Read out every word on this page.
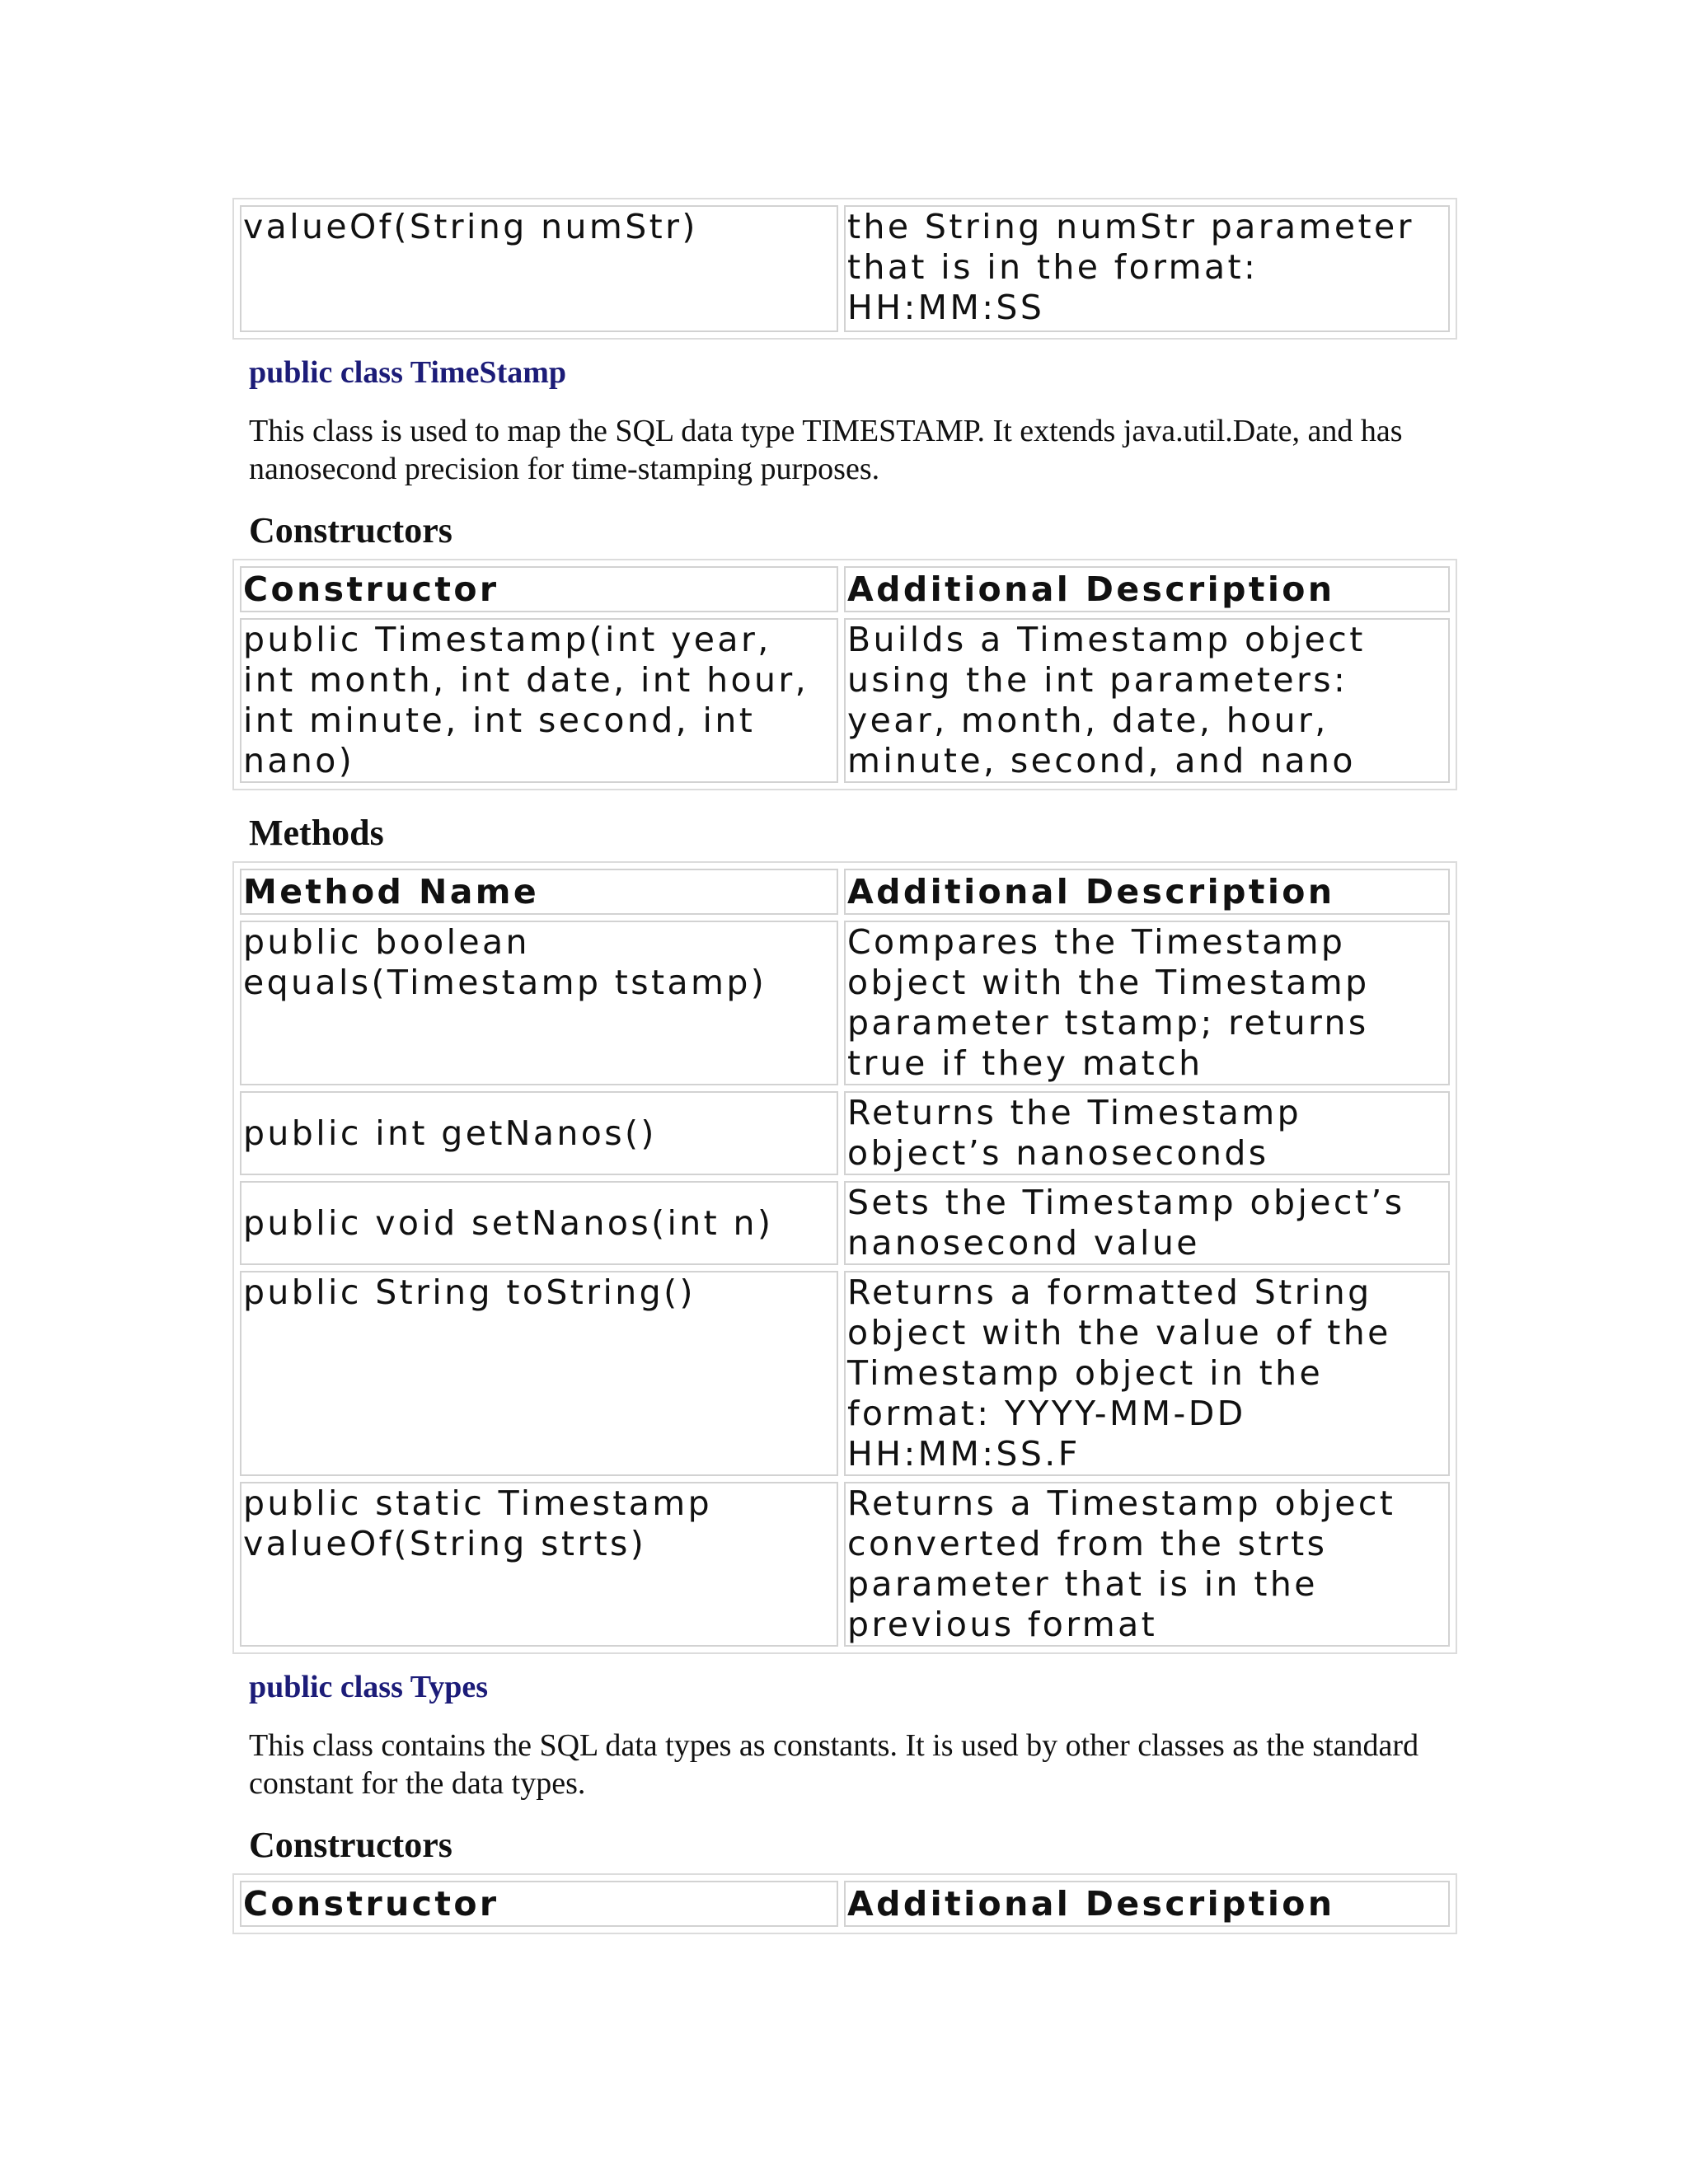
valueOf(String numStr)	the String numStr parameter that is in the format: HH:MM:SS
public class TimeStamp
This class is used to map the SQL data type TIMESTAMP. It extends java.util.Date, and has nanosecond precision for time-stamping purposes.
Constructors
Constructor	Additional Description
public Timestamp(int year, int month, int date, int hour, int minute, int second, int nano)	Builds a Timestamp object using the int parameters: year, month, date, hour, minute, second, and nano
Methods
Method Name	Additional Description
public boolean equals(Timestamp tstamp)	Compares the Timestamp object with the Timestamp parameter tstamp; returns true if they match
public int getNanos()	Returns the Timestamp object’s nanoseconds
public void setNanos(int n)	Sets the Timestamp object’s nanosecond value
public String toString()	Returns a formatted String object with the value of the Timestamp object in the format: YYYY-MM-DD HH:MM:SS.F
public static Timestamp valueOf(String strts)	Returns a Timestamp object converted from the strts parameter that is in the previous format
public class Types
This class contains the SQL data types as constants. It is used by other classes as the standard constant for the data types.
Constructors
Constructor	Additional Description
